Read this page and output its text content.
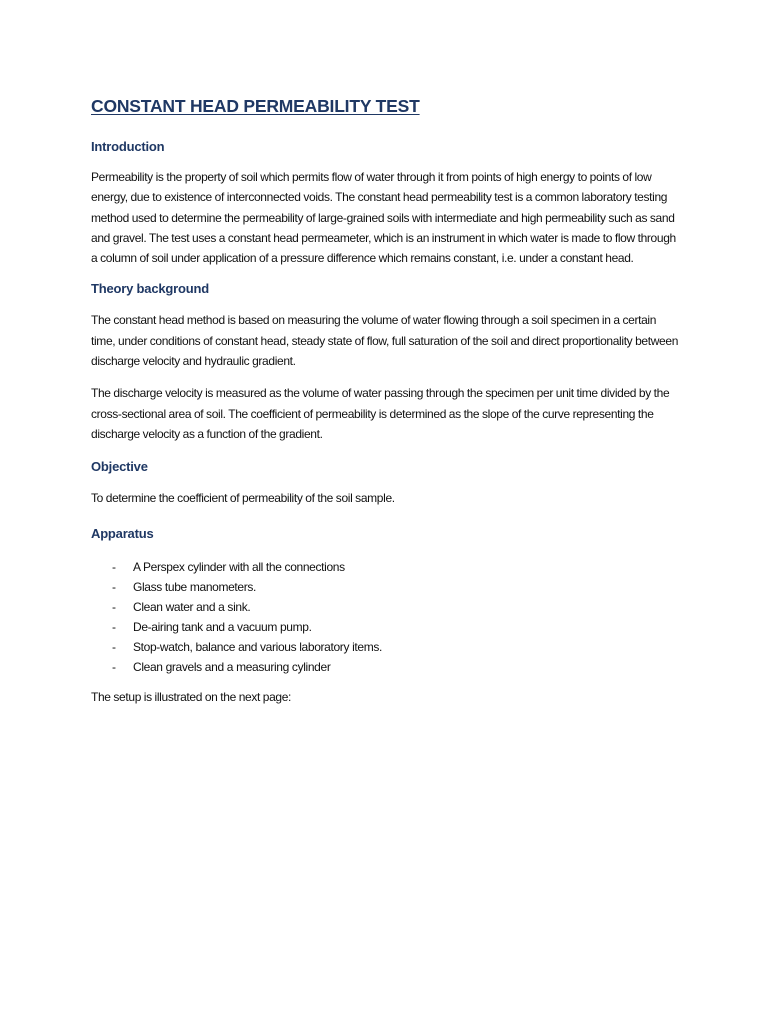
CONSTANT HEAD PERMEABILITY TEST
Introduction

Permeability is the property of soil which permits flow of water through it from points of high energy to points of low energy, due to existence of interconnected voids. The constant head permeability test is a common laboratory testing method used to determine the permeability of large-grained soils with intermediate and high permeability such as sand and gravel. The test uses a constant head permeameter, which is an instrument in which water is made to flow through a column of soil under application of a pressure difference which remains constant, i.e. under a constant head.

Theory background

The constant head method is based on measuring the volume of water flowing through a soil specimen in a certain time, under conditions of constant head, steady state of flow, full saturation of the soil and direct proportionality between discharge velocity and hydraulic gradient.

The discharge velocity is measured as the volume of water passing through the specimen per unit time divided by the cross-sectional area of soil. The coefficient of permeability is determined as the slope of the curve representing the discharge velocity as a function of the gradient.

Objective

To determine the coefficient of permeability of the soil sample.

Apparatus
-	A Perspex cylinder with all the connections
-	Glass tube manometers.
-	Clean water and a sink.
-	De-airing tank and a vacuum pump.
-	Stop-watch, balance and various laboratory items.
-	Clean gravels and a measuring cylinder

The setup is illustrated on the next page:
